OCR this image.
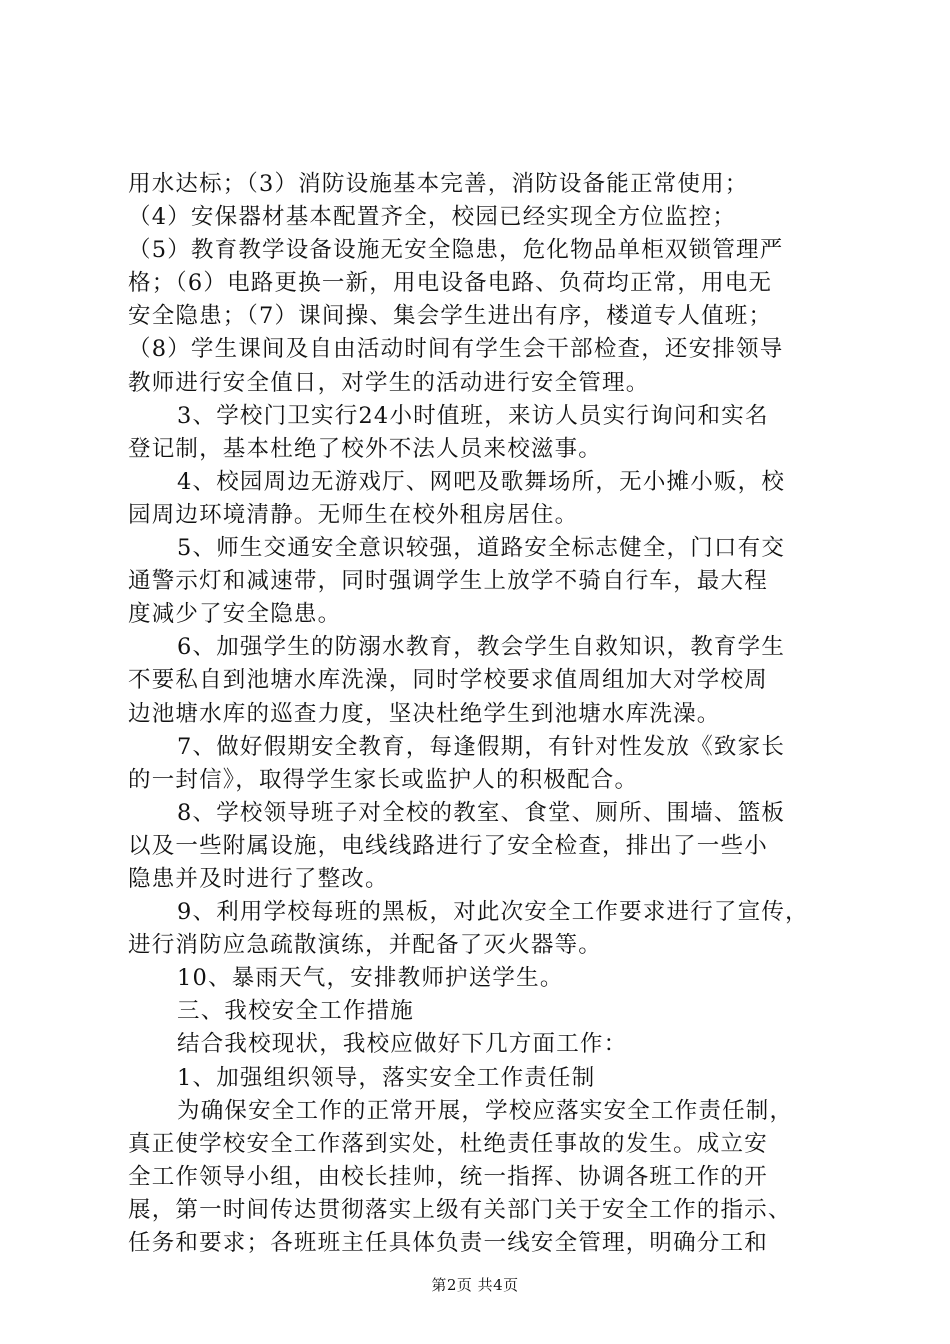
用水达标；（3）消防设施基本完善，消防设备能正常使用；
（4）安保器材基本配置齐全，校园已经实现全方位监控；
（5）教育教学设备设施无安全隐患，危化物品单柜双锁管理严
格；（6）电路更换一新，用电设备电路、负荷均正常，用电无
安全隐患；（7）课间操、集会学生进出有序，楼道专人值班；
（8）学生课间及自由活动时间有学生会干部检查，还安排领导
教师进行安全值日，对学生的活动进行安全管理。
3、学校门卫实行24小时值班，来访人员实行询问和实名
登记制，基本杜绝了校外不法人员来校滋事。
4、校园周边无游戏厅、网吧及歌舞场所，无小摊小贩，校
园周边环境清静。无师生在校外租房居住。
5、师生交通安全意识较强，道路安全标志健全，门口有交
通警示灯和减速带，同时强调学生上放学不骑自行车，最大程
度减少了安全隐患。
6、加强学生的防溺水教育，教会学生自救知识，教育学生
不要私自到池塘水库洗澡，同时学校要求值周组加大对学校周
边池塘水库的巡查力度，坚决杜绝学生到池塘水库洗澡。
7、做好假期安全教育，每逢假期，有针对性发放《致家长
的一封信》，取得学生家长或监护人的积极配合。
8、学校领导班子对全校的教室、食堂、厕所、围墙、篮板
以及一些附属设施，电线线路进行了安全检查，排出了一些小
隐患并及时进行了整改。
9、利用学校每班的黑板，对此次安全工作要求进行了宣传，
进行消防应急疏散演练，并配备了灭火器等。
10、暴雨天气，安排教师护送学生。
三、我校安全工作措施
结合我校现状，我校应做好下几方面工作：
1、加强组织领导，落实安全工作责任制
为确保安全工作的正常开展，学校应落实安全工作责任制，
真正使学校安全工作落到实处，杜绝责任事故的发生。成立安
全工作领导小组，由校长挂帅，统一指挥、协调各班工作的开
展，第一时间传达贯彻落实上级有关部门关于安全工作的指示、
任务和要求；各班班主任具体负责一线安全管理，明确分工和
第2页 共4页
